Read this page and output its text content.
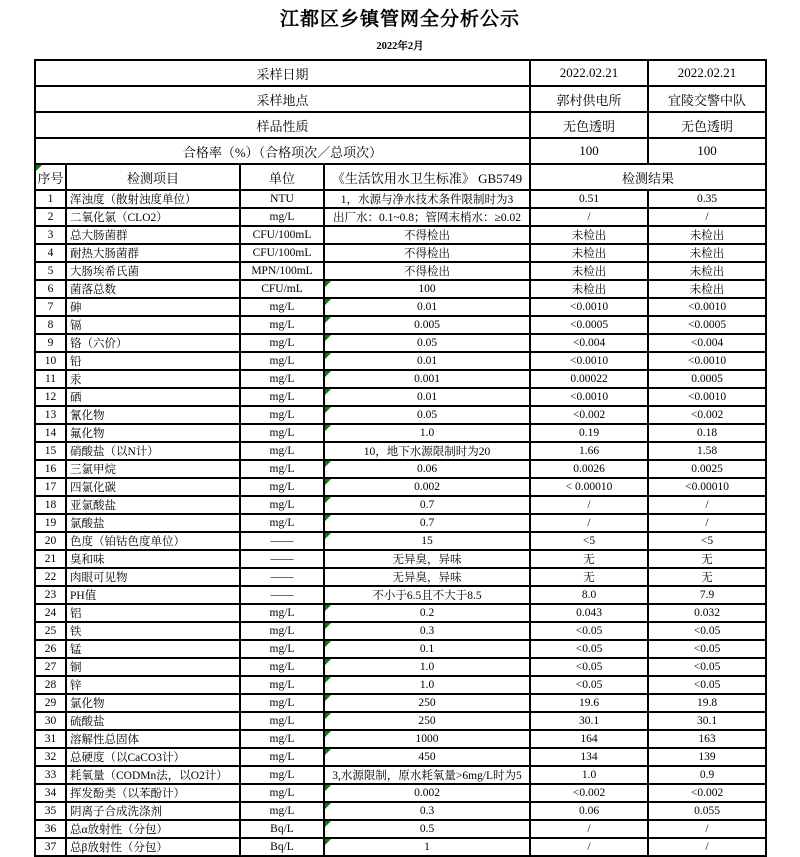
江都区乡镇管网全分析公示
2022年2月
采样日期				2022.02.21	2022.02.21
采样地点				郭村供电所	宜陵交警中队
样品性质				无色透明	无色透明
合格率（%）（合格项次／总项次）				100	100

序号	检测项目	单位	《生活饮用水卫生标准》 GB5749	检测结果	
1	浑浊度（散射浊度单位）	NTU	1，水源与净水技术条件限制时为3	0.51	0.35
2	二氧化氯（CLO2）	mg/L	出厂水：0.1~0.8；管网末梢水：≥0.02	/	/
3	总大肠菌群	CFU/100mL	不得检出	未检出	未检出
4	耐热大肠菌群	CFU/100mL	不得检出	未检出	未检出
5	大肠埃希氏菌	MPN/100mL	不得检出	未检出	未检出
6	菌落总数	CFU/mL	100	未检出	未检出
7	砷	mg/L	0.01	<0.0010	<0.0010
8	镉	mg/L	0.005	<0.0005	<0.0005
9	铬（六价）	mg/L	0.05	<0.004	<0.004
10	铅	mg/L	0.01	<0.0010	<0.0010
11	汞	mg/L	0.001	0.00022	0.0005
12	硒	mg/L	0.01	<0.0010	<0.0010
13	氰化物	mg/L	0.05	<0.002	<0.002
14	氟化物	mg/L	1.0	0.19	0.18
15	硝酸盐（以N计）	mg/L	10，地下水源限制时为20	1.66	1.58
16	三氯甲烷	mg/L	0.06	0.0026	0.0025
17	四氯化碳	mg/L	0.002	< 0.00010	<0.00010
18	亚氯酸盐	mg/L	0.7	/	/
19	氯酸盐	mg/L	0.7	/	/
20	色度（铂钴色度单位）	——	15	<5	<5
21	臭和味	——	无异臭，异味	无	无
22	肉眼可见物	——	无异臭，异味	无	无
23	PH值	——	不小于6.5且不大于8.5	8.0	7.9
24	铝	mg/L	0.2	0.043	0.032
25	铁	mg/L	0.3	<0.05	<0.05
26	锰	mg/L	0.1	<0.05	<0.05
27	铜	mg/L	1.0	<0.05	<0.05
28	锌	mg/L	1.0	<0.05	<0.05
29	氯化物	mg/L	250	19.6	19.8
30	硫酸盐	mg/L	250	30.1	30.1
31	溶解性总固体	mg/L	1000	164	163
32	总硬度（以CaCO3计）	mg/L	450	134	139
33	耗氧量（CODMn法，以O2计）	mg/L	3,水源限制，原水耗氧量>6mg/L时为5	1.0	0.9
34	挥发酚类（以苯酚计）	mg/L	0.002	<0.002	<0.002
35	阴离子合成洗涤剂	mg/L	0.3	0.06	0.055
36	总α放射性（分包）	Bq/L	0.5	/	/
37	总β放射性（分包）	Bq/L	1	/	/
